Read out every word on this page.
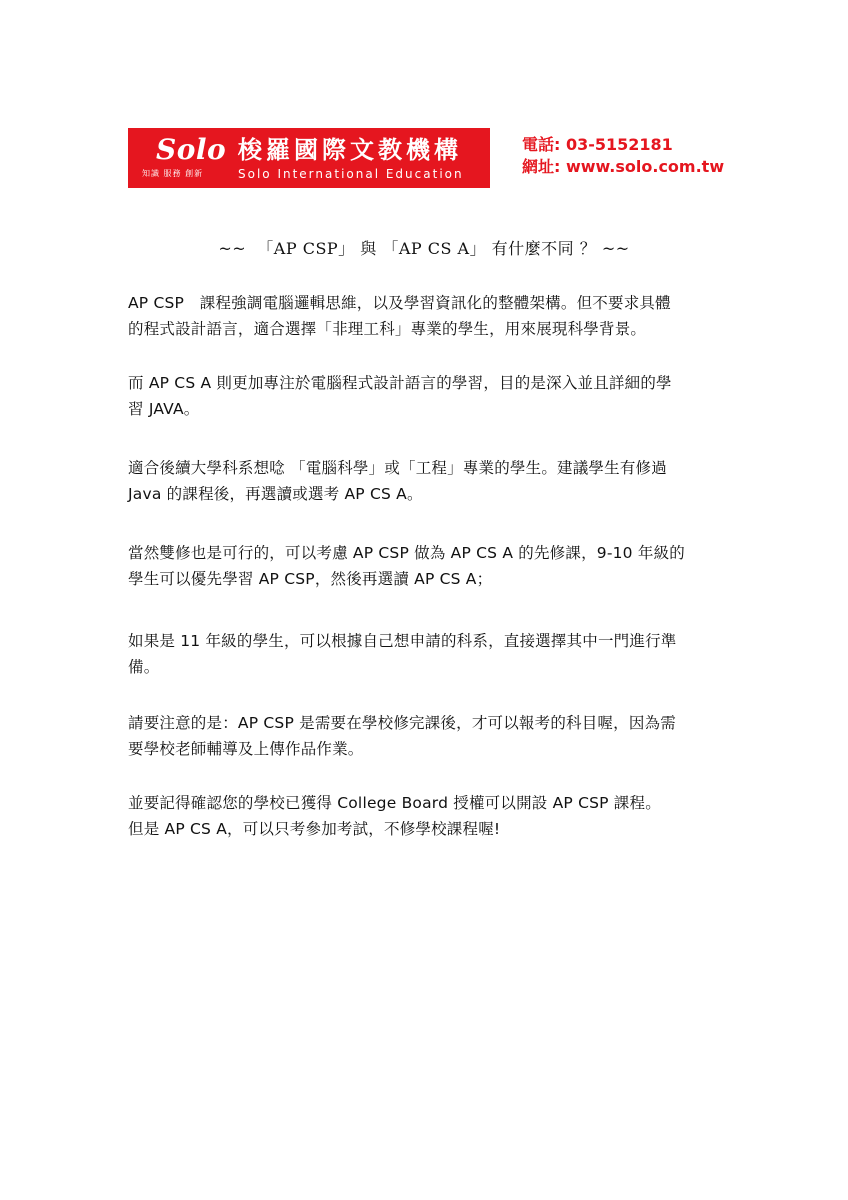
Solo
知識 服務 創新
梭羅國際文教機構
Solo International Education
電話: 03-5152181
網址: www.solo.com.tw
~~  「AP CSP」 與 「AP CS A」 有什麼不同 ？ ~~

AP CSP　課程強調電腦邏輯思維，以及學習資訊化的整體架構。但不要求具體
的程式設計語言，適合選擇「非理工科」專業的學生，用來展現科學背景。

而 AP CS A 則更加專注於電腦程式設計語言的學習，目的是深入並且詳細的學
習 JAVA。

適合後續大學科系想唸 「電腦科學」或「工程」專業的學生。建議學生有修過
Java 的課程後，再選讀或選考 AP CS A。

當然雙修也是可行的，可以考慮 AP CSP 做為 AP CS A 的先修課，9-10 年級的
學生可以優先學習 AP CSP，然後再選讀 AP CS A；

如果是 11 年級的學生，可以根據自己想申請的科系，直接選擇其中一門進行準
備。

請要注意的是：AP CSP 是需要在學校修完課後，才可以報考的科目喔，因為需
要學校老師輔導及上傳作品作業。

並要記得確認您的學校已獲得 College Board 授權可以開設 AP CSP 課程。
但是 AP CS A，可以只考參加考試，不修學校課程喔!
